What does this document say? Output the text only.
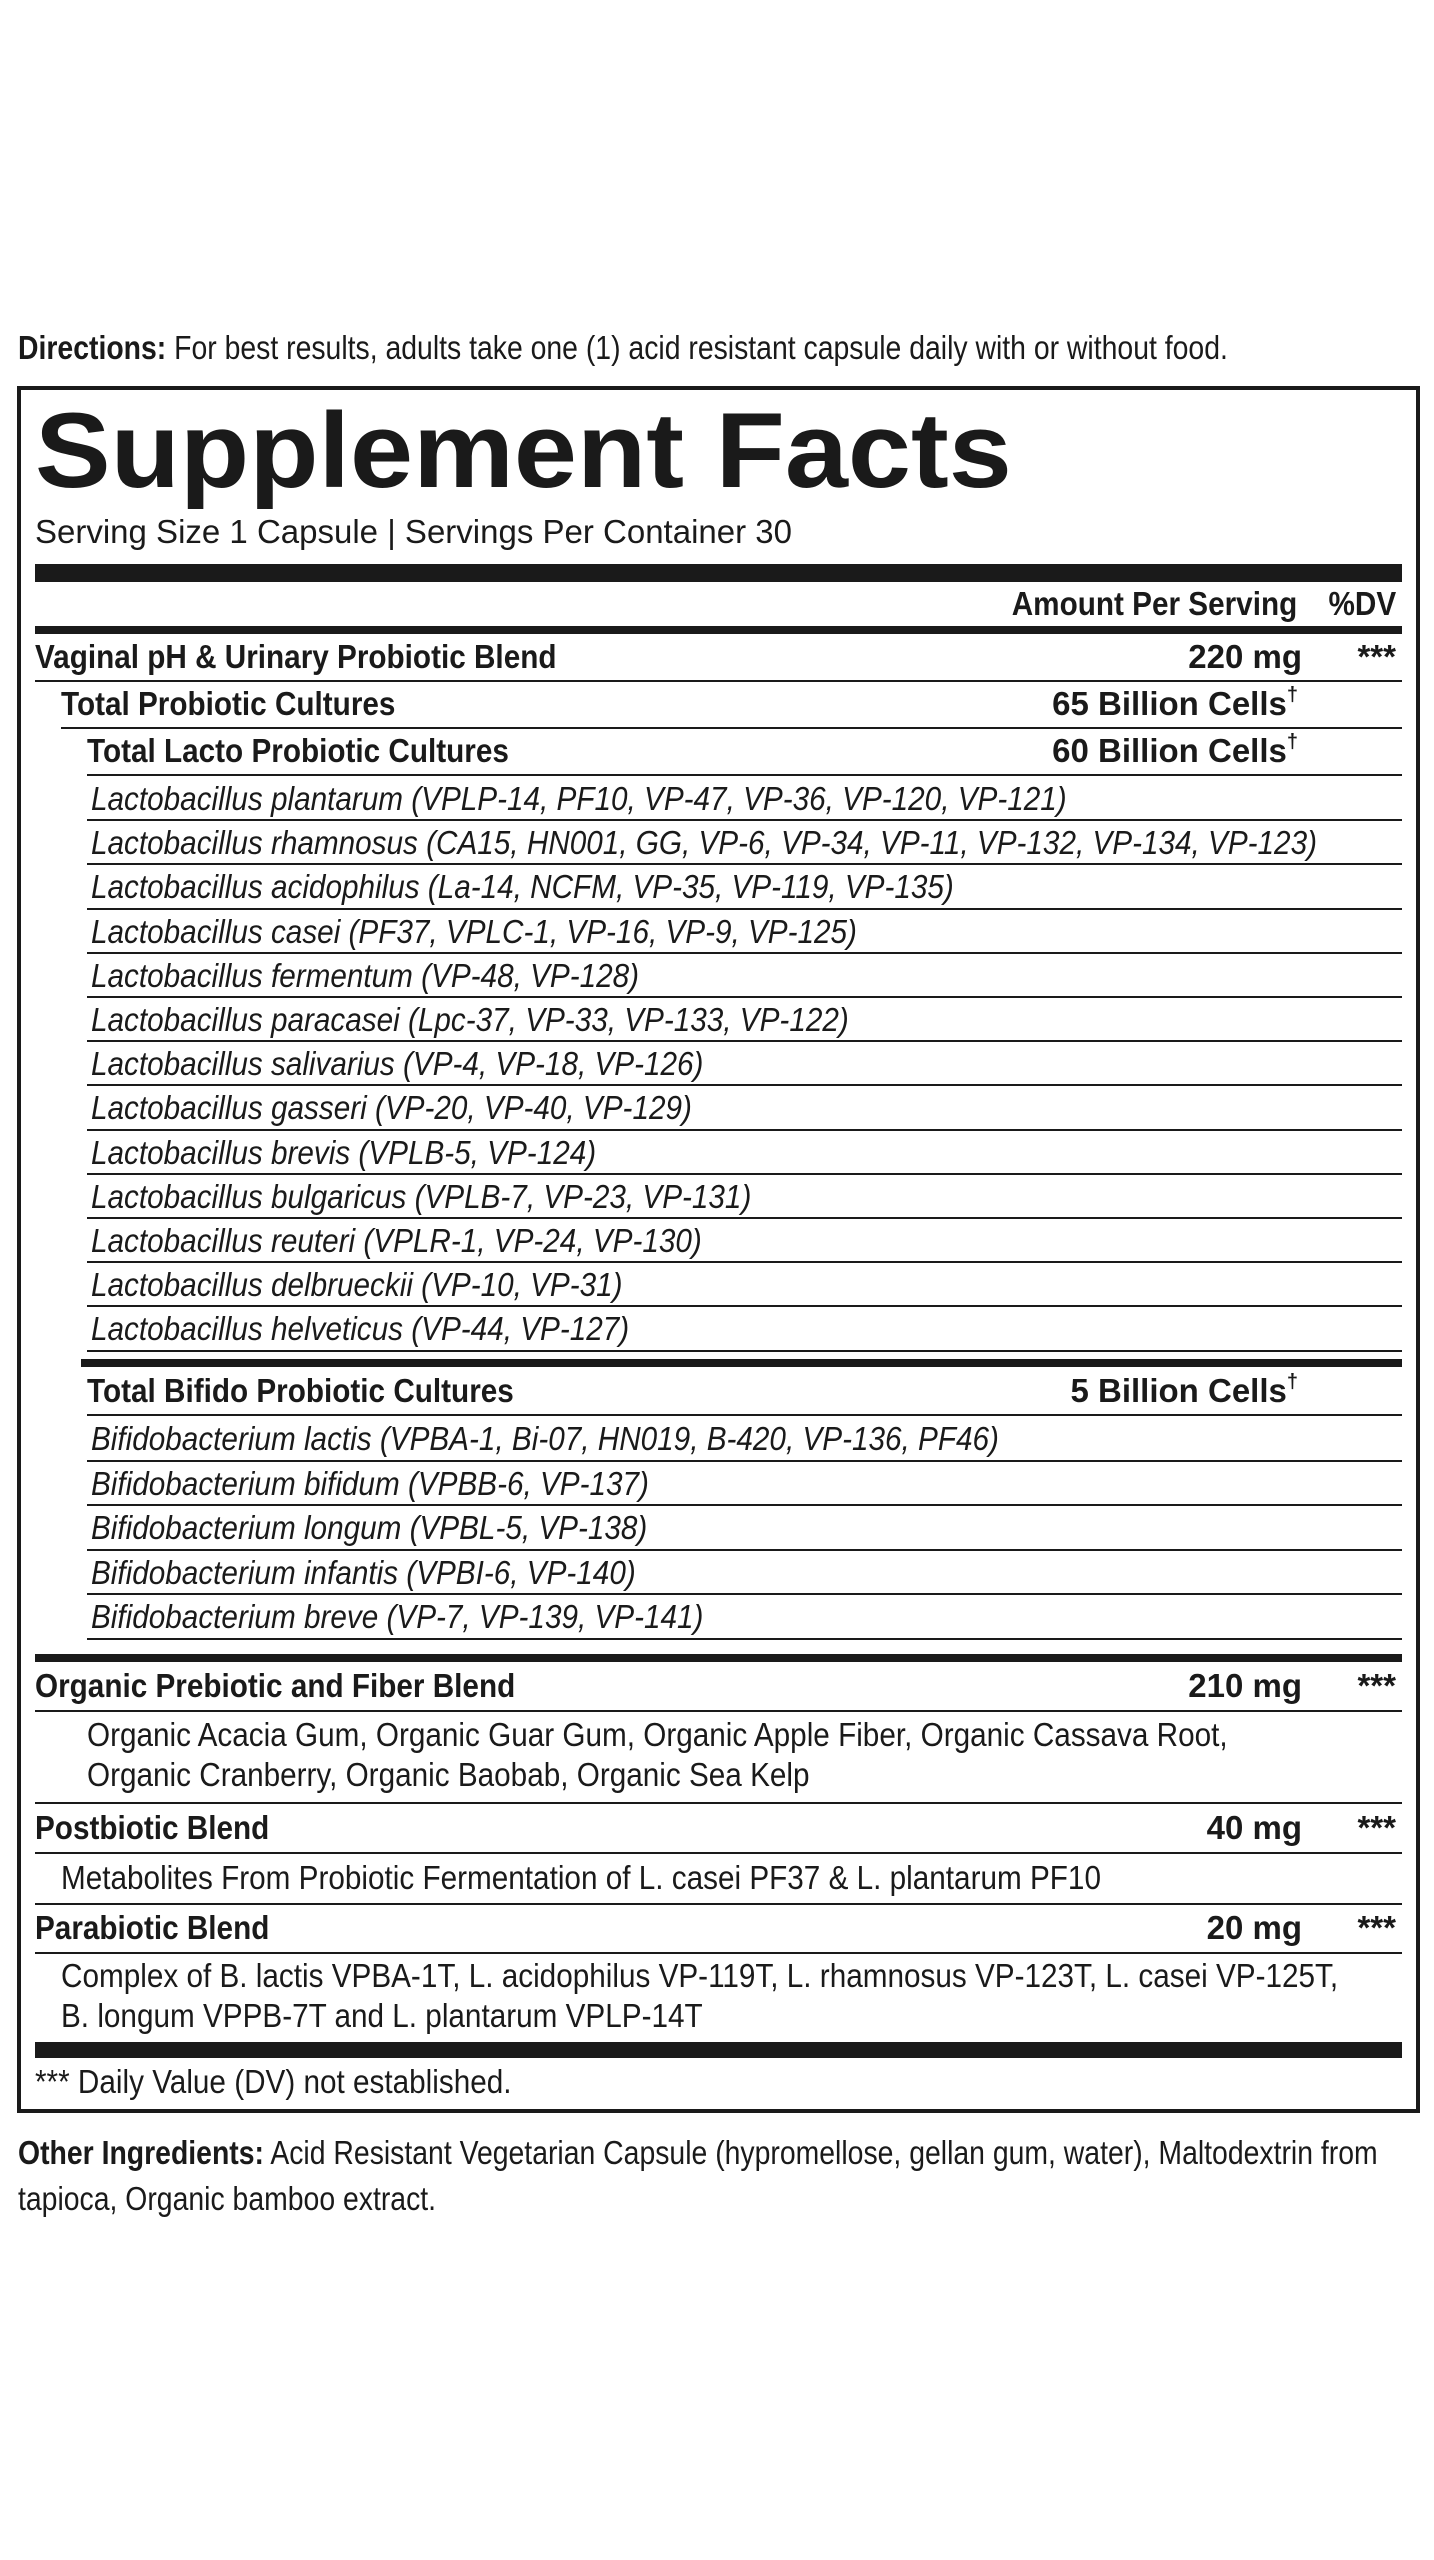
Directions: For best results, adults take one (1) acid resistant capsule daily with or without food.
Supplement Facts
Serving Size 1 Capsule | Servings Per Container 30
Amount Per Serving %DV
Vaginal pH & Urinary Probiotic Blend	220 mg ***
Total Probiotic Cultures	65 Billion Cells†
Total Lacto Probiotic Cultures	60 Billion Cells†
Lactobacillus plantarum (VPLP-14, PF10, VP-47, VP-36, VP-120, VP-121)
Lactobacillus rhamnosus (CA15, HN001, GG, VP-6, VP-34, VP-11, VP-132, VP-134, VP-123)
Lactobacillus acidophilus (La-14, NCFM, VP-35, VP-119, VP-135)
Lactobacillus casei (PF37, VPLC-1, VP-16, VP-9, VP-125)
Lactobacillus fermentum (VP-48, VP-128)
Lactobacillus paracasei (Lpc-37, VP-33, VP-133, VP-122)
Lactobacillus salivarius (VP-4, VP-18, VP-126)
Lactobacillus gasseri (VP-20, VP-40, VP-129)
Lactobacillus brevis (VPLB-5, VP-124)
Lactobacillus bulgaricus (VPLB-7, VP-23, VP-131)
Lactobacillus reuteri (VPLR-1, VP-24, VP-130)
Lactobacillus delbrueckii (VP-10, VP-31)
Lactobacillus helveticus (VP-44, VP-127)
Total Bifido Probiotic Cultures	5 Billion Cells†
Bifidobacterium lactis (VPBA-1, Bi-07, HN019, B-420, VP-136, PF46)
Bifidobacterium bifidum (VPBB-6, VP-137)
Bifidobacterium longum (VPBL-5, VP-138)
Bifidobacterium infantis (VPBI-6, VP-140)
Bifidobacterium breve (VP-7, VP-139, VP-141)
Organic Prebiotic and Fiber Blend	210 mg ***
Organic Acacia Gum, Organic Guar Gum, Organic Apple Fiber, Organic Cassava Root,
Organic Cranberry, Organic Baobab, Organic Sea Kelp
Postbiotic Blend	40 mg ***
Metabolites From Probiotic Fermentation of L. casei PF37 & L. plantarum PF10
Parabiotic Blend	20 mg ***
Complex of B. lactis VPBA-1T, L. acidophilus VP-119T, L. rhamnosus VP-123T, L. casei VP-125T,
B. longum VPPB-7T and L. plantarum VPLP-14T
*** Daily Value (DV) not established.
Other Ingredients: Acid Resistant Vegetarian Capsule (hypromellose, gellan gum, water), Maltodextrin from tapioca, Organic bamboo extract.
